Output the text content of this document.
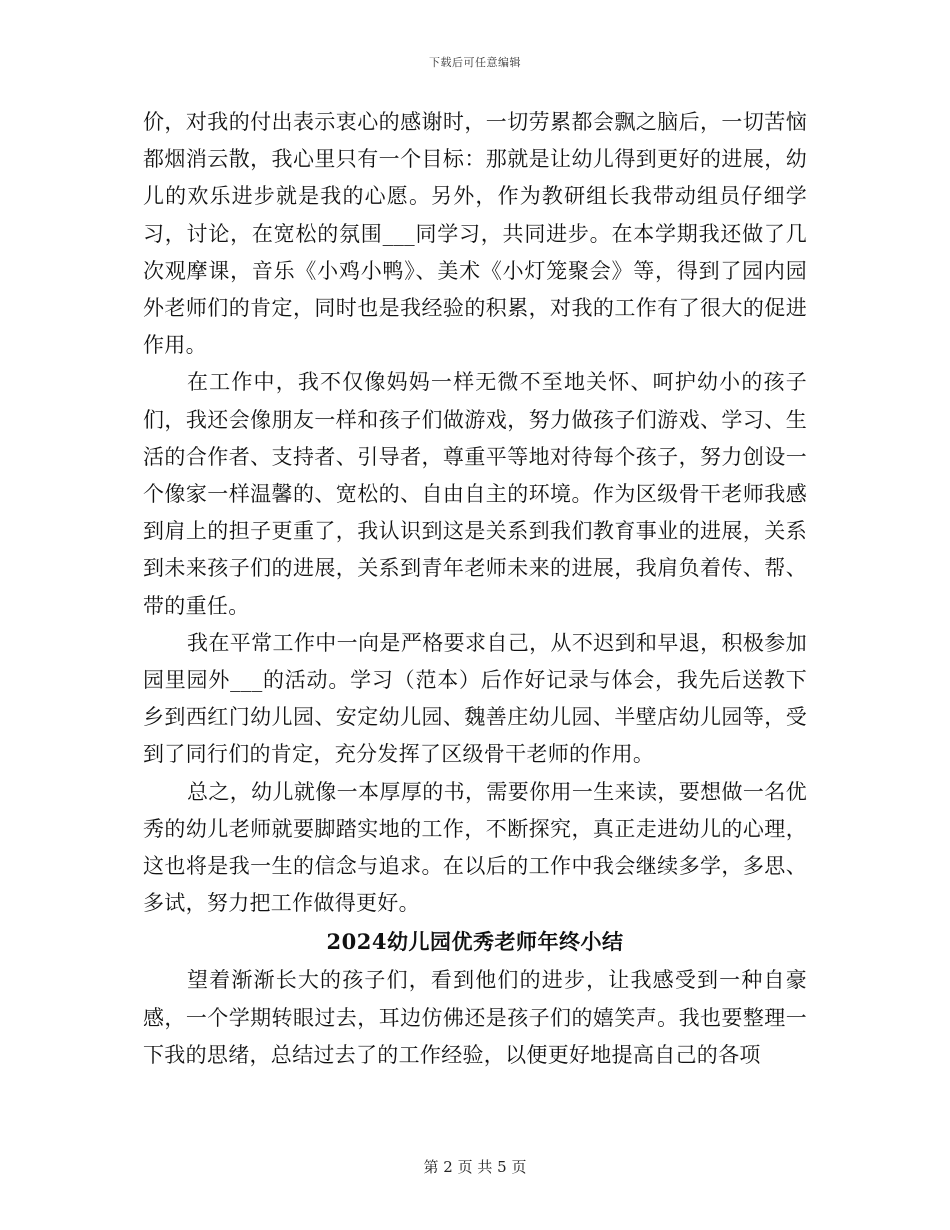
下载后可任意编辑

价，对我的付出表示衷心的感谢时，一切劳累都会飘之脑后，一切苦恼都烟消云散，我心里只有一个目标：那就是让幼儿得到更好的进展，幼儿的欢乐进步就是我的心愿。另外，作为教研组长我带动组员仔细学习，讨论，在宽松的氛围___同学习，共同进步。在本学期我还做了几次观摩课，音乐《小鸡小鸭》、美术《小灯笼聚会》等，得到了园内园外老师们的肯定，同时也是我经验的积累，对我的工作有了很大的促进作用。

在工作中，我不仅像妈妈一样无微不至地关怀、呵护幼小的孩子们，我还会像朋友一样和孩子们做游戏，努力做孩子们游戏、学习、生活的合作者、支持者、引导者，尊重平等地对待每个孩子，努力创设一个像家一样温馨的、宽松的、自由自主的环境。作为区级骨干老师我感到肩上的担子更重了，我认识到这是关系到我们教育事业的进展，关系到未来孩子们的进展，关系到青年老师未来的进展，我肩负着传、帮、带的重任。

我在平常工作中一向是严格要求自己，从不迟到和早退，积极参加园里园外___的活动。学习（范本）后作好记录与体会，我先后送教下乡到西红门幼儿园、安定幼儿园、魏善庄幼儿园、半壁店幼儿园等，受到了同行们的肯定，充分发挥了区级骨干老师的作用。

总之，幼儿就像一本厚厚的书，需要你用一生来读，要想做一名优秀的幼儿老师就要脚踏实地的工作，不断探究，真正走进幼儿的心理，这也将是我一生的信念与追求。在以后的工作中我会继续多学，多思、多试，努力把工作做得更好。

2024幼儿园优秀老师年终小结

望着渐渐长大的孩子们，看到他们的进步，让我感受到一种自豪感，一个学期转眼过去，耳边仿佛还是孩子们的嬉笑声。我也要整理一下我的思绪，总结过去了的工作经验，以便更好地提高自己的各项

第 2 页 共 5 页
